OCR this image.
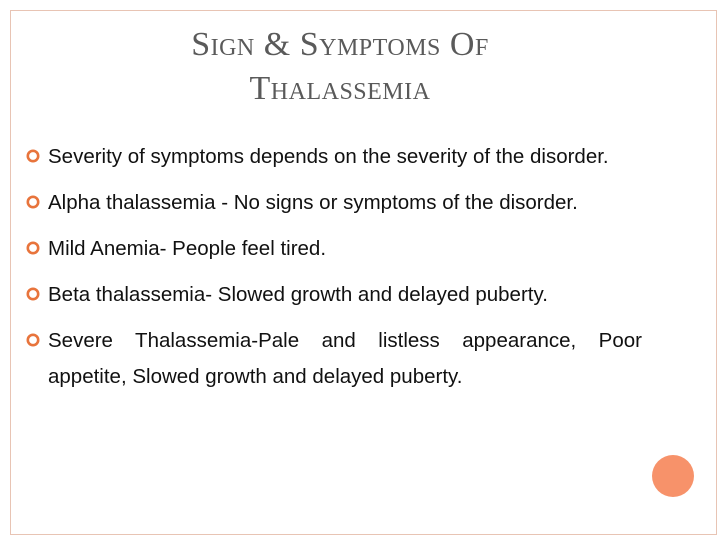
Sign & Symptoms Of
Thalassemia
Severity of symptoms depends on the severity of the disorder.
Alpha thalassemia - No signs or symptoms of the disorder.
Mild Anemia- People feel tired.
Beta thalassemia- Slowed growth and delayed puberty.
Severe Thalassemia-Pale and listless appearance, Poor appetite, Slowed growth and delayed puberty.
